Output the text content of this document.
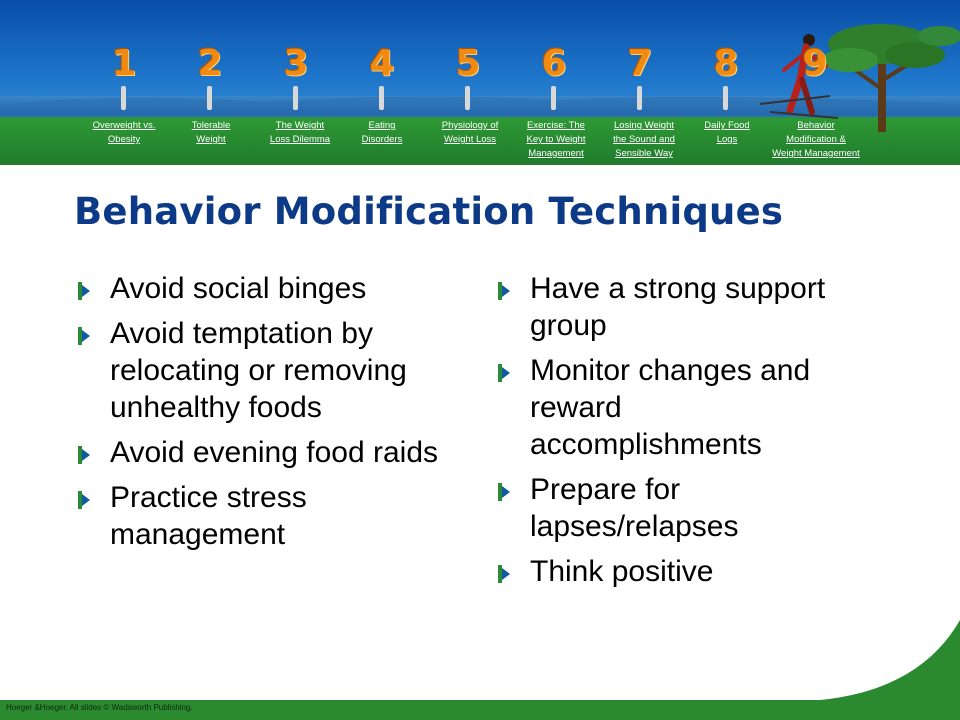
1
Overweight vs.
Obesity
2
Tolerable
Weight
3
The Weight
Loss Dilemma
4
Eating
Disorders
5
Physiology of
Weight Loss
6
Exercise: The
Key to Weight
Management
7
Losing Weight
the Sound and
Sensible Way
8
Daily Food
Logs
9
Behavior
Modification &
Weight Management
Behavior Modification Techniques
Avoid social binges
Avoid temptation by relocating or removing unhealthy foods
Avoid evening food raids
Practice stress management
Have a strong support group
Monitor changes and reward accomplishments
Prepare for lapses/relapses
Think positive
Hoeger &Hoeger. All slides © Wadsworth Publishing.
